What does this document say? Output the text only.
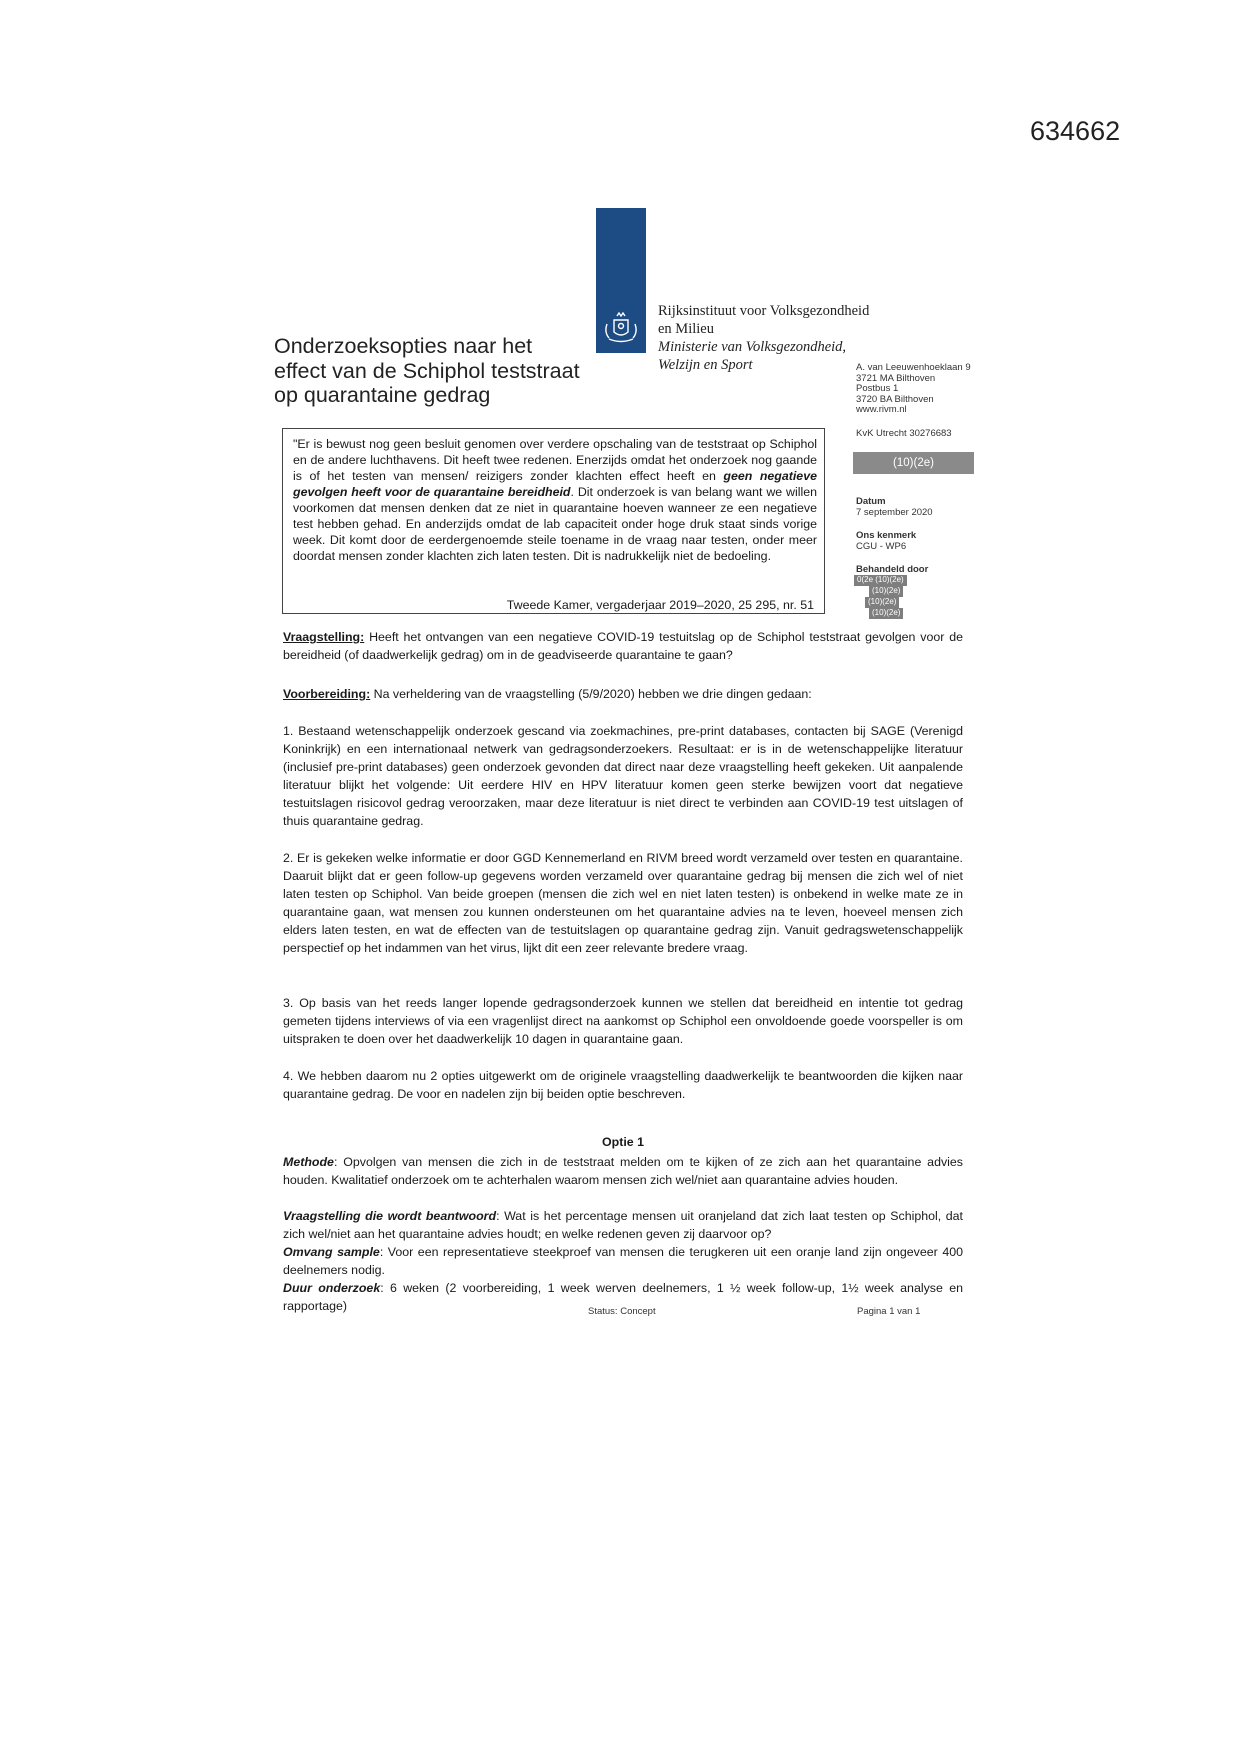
634662
Rijksinstituut voor Volksgezondheid
en Milieu
Ministerie van Volksgezondheid,
Welzijn en Sport
Onderzoeksopties naar het
effect van de Schiphol teststraat
op quarantaine gedrag
A. van Leeuwenhoeklaan 9
3721 MA Bilthoven
Postbus 1
3720 BA Bilthoven
www.rivm.nl
KvK Utrecht 30276683
(10)(2e)
Datum
7 september 2020
Ons kenmerk
CGU - WP6
Behandeld door
0(2e (10)(2e)
(10)(2e)
(10)(2e)
(10)(2e)

"Er is bewust nog geen besluit genomen over verdere opschaling van de teststraat op Schiphol en de andere luchthavens. Dit heeft twee redenen. Enerzijds omdat het onderzoek nog gaande is of het testen van mensen/ reizigers zonder klachten effect heeft en geen negatieve gevolgen heeft voor de quarantaine bereidheid. Dit onderzoek is van belang want we willen voorkomen dat mensen denken dat ze niet in quarantaine hoeven wanneer ze een negatieve test hebben gehad. En anderzijds omdat de lab capaciteit onder hoge druk staat sinds vorige week. Dit komt door de eerdergenoemde steile toename in de vraag naar testen, onder meer doordat mensen zonder klachten zich laten testen. Dit is nadrukkelijk niet de bedoeling.

Tweede Kamer, vergaderjaar 2019–2020, 25 295, nr. 51

Vraagstelling: Heeft het ontvangen van een negatieve COVID-19 testuitslag op de Schiphol teststraat gevolgen voor de bereidheid (of daadwerkelijk gedrag) om in de geadviseerde quarantaine te gaan?

Voorbereiding: Na verheldering van de vraagstelling (5/9/2020) hebben we drie dingen gedaan:

1. Bestaand wetenschappelijk onderzoek gescand via zoekmachines, pre-print databases, contacten bij SAGE (Verenigd Koninkrijk) en een internationaal netwerk van gedragsonderzoekers. Resultaat: er is in de wetenschappelijke literatuur (inclusief pre-print databases) geen onderzoek gevonden dat direct naar deze vraagstelling heeft gekeken. Uit aanpalende literatuur blijkt het volgende: Uit eerdere HIV en HPV literatuur komen geen sterke bewijzen voort dat negatieve testuitslagen risicovol gedrag veroorzaken, maar deze literatuur is niet direct te verbinden aan COVID-19 test uitslagen of thuis quarantaine gedrag.

2. Er is gekeken welke informatie er door GGD Kennemerland en RIVM breed wordt verzameld over testen en quarantaine. Daaruit blijkt dat er geen follow-up gegevens worden verzameld over quarantaine gedrag bij mensen die zich wel of niet laten testen op Schiphol. Van beide groepen (mensen die zich wel en niet laten testen) is onbekend in welke mate ze in quarantaine gaan, wat mensen zou kunnen ondersteunen om het quarantaine advies na te leven, hoeveel mensen zich elders laten testen, en wat de effecten van de testuitslagen op quarantaine gedrag zijn. Vanuit gedragswetenschappelijk perspectief op het indammen van het virus, lijkt dit een zeer relevante bredere vraag.

3. Op basis van het reeds langer lopende gedragsonderzoek kunnen we stellen dat bereidheid en intentie tot gedrag gemeten tijdens interviews of via een vragenlijst direct na aankomst op Schiphol een onvoldoende goede voorspeller is om uitspraken te doen over het daadwerkelijk 10 dagen in quarantaine gaan.

4. We hebben daarom nu 2 opties uitgewerkt om de originele vraagstelling daadwerkelijk te beantwoorden die kijken naar quarantaine gedrag. De voor en nadelen zijn bij beiden optie beschreven.

Optie 1

Methode: Opvolgen van mensen die zich in de teststraat melden om te kijken of ze zich aan het quarantaine advies houden. Kwalitatief onderzoek om te achterhalen waarom mensen zich wel/niet aan quarantaine advies houden.

Vraagstelling die wordt beantwoord: Wat is het percentage mensen uit oranjeland dat zich laat testen op Schiphol, dat zich wel/niet aan het quarantaine advies houdt; en welke redenen geven zij daarvoor op?

Omvang sample: Voor een representatieve steekproef van mensen die terugkeren uit een oranje land zijn ongeveer 400 deelnemers nodig.

Duur onderzoek: 6 weken (2 voorbereiding, 1 week werven deelnemers, 1 ½ week follow-up, 1½ week analyse en rapportage)	Status: Concept	Pagina 1 van 1
